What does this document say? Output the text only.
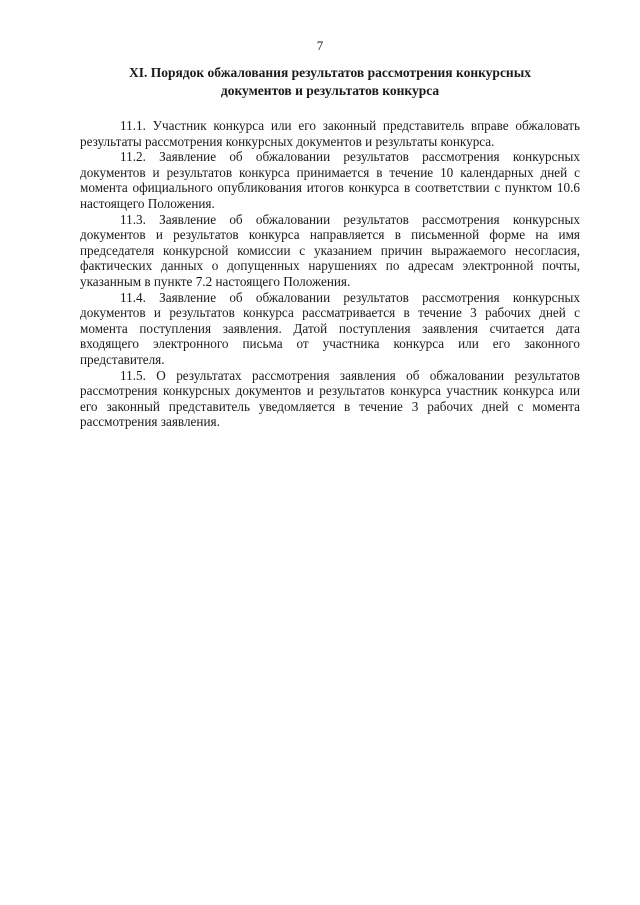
7
XI. Порядок обжалования результатов рассмотрения конкурсных документов и результатов конкурса

11.1. Участник конкурса или его законный представитель вправе обжаловать результаты рассмотрения конкурсных документов и результаты конкурса.

11.2. Заявление об обжаловании результатов рассмотрения конкурсных документов и результатов конкурса принимается в течение 10 календарных дней с момента официального опубликования итогов конкурса в соответствии с пунктом 10.6 настоящего Положения.

11.3. Заявление об обжаловании результатов рассмотрения конкурсных документов и результатов конкурса направляется в письменной форме на имя председателя конкурсной комиссии с указанием причин выражаемого несогласия, фактических данных о допущенных нарушениях по адресам электронной почты, указанным в пункте 7.2 настоящего Положения.

11.4. Заявление об обжаловании результатов рассмотрения конкурсных документов и результатов конкурса рассматривается в течение 3 рабочих дней с момента поступления заявления. Датой поступления заявления считается дата входящего электронного письма от участника конкурса или его законного представителя.

11.5. О результатах рассмотрения заявления об обжаловании результатов рассмотрения конкурсных документов и результатов конкурса участник конкурса или его законный представитель уведомляется в течение 3 рабочих дней с момента рассмотрения заявления.
